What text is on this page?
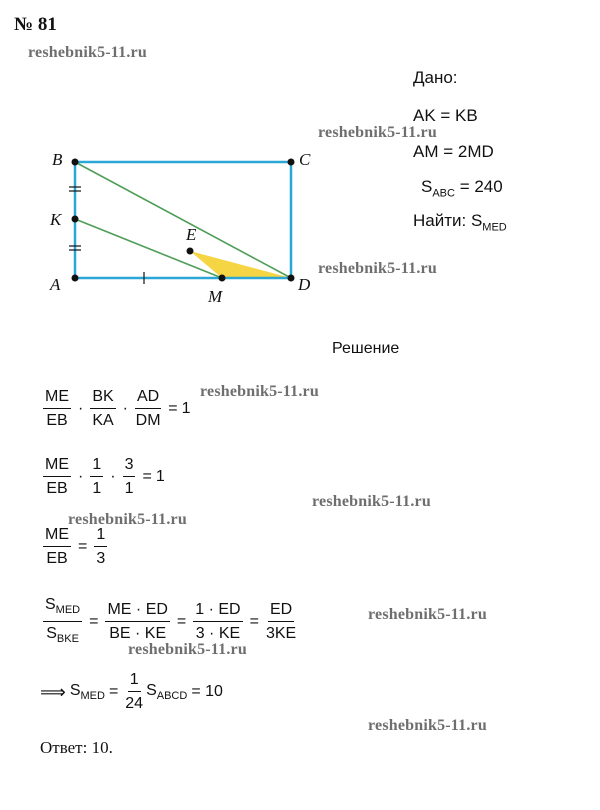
№ 81
reshebnik5-11.ru
reshebnik5-11.ru
reshebnik5-11.ru
reshebnik5-11.ru
reshebnik5-11.ru
reshebnik5-11.ru
reshebnik5-11.ru
reshebnik5-11.ru
reshebnik5-11.ru
Дано:
AK = KB
AM = 2MD
$S_{ABC} = 240$
Найти: $S_{MED}$
B	C
K
E
A
M
D
Решение
$\frac{ME}{EB} \cdot \frac{BK}{KA} \cdot \frac{AD}{DM} = 1$
$\frac{ME}{EB} \cdot \frac{1}{1} \cdot \frac{3}{1} = 1$
$\frac{ME}{EB} = \frac{1}{3}$
$\frac{S_{MED}}{S_{BKE}} = \frac{ME \cdot ED}{BE \cdot KE} = \frac{1 \cdot ED}{3 \cdot KE} = \frac{ED}{3KE}$
⟹ $S_{MED} = \frac{1}{24} S_{ABCD} = 10$
Ответ: 10.
